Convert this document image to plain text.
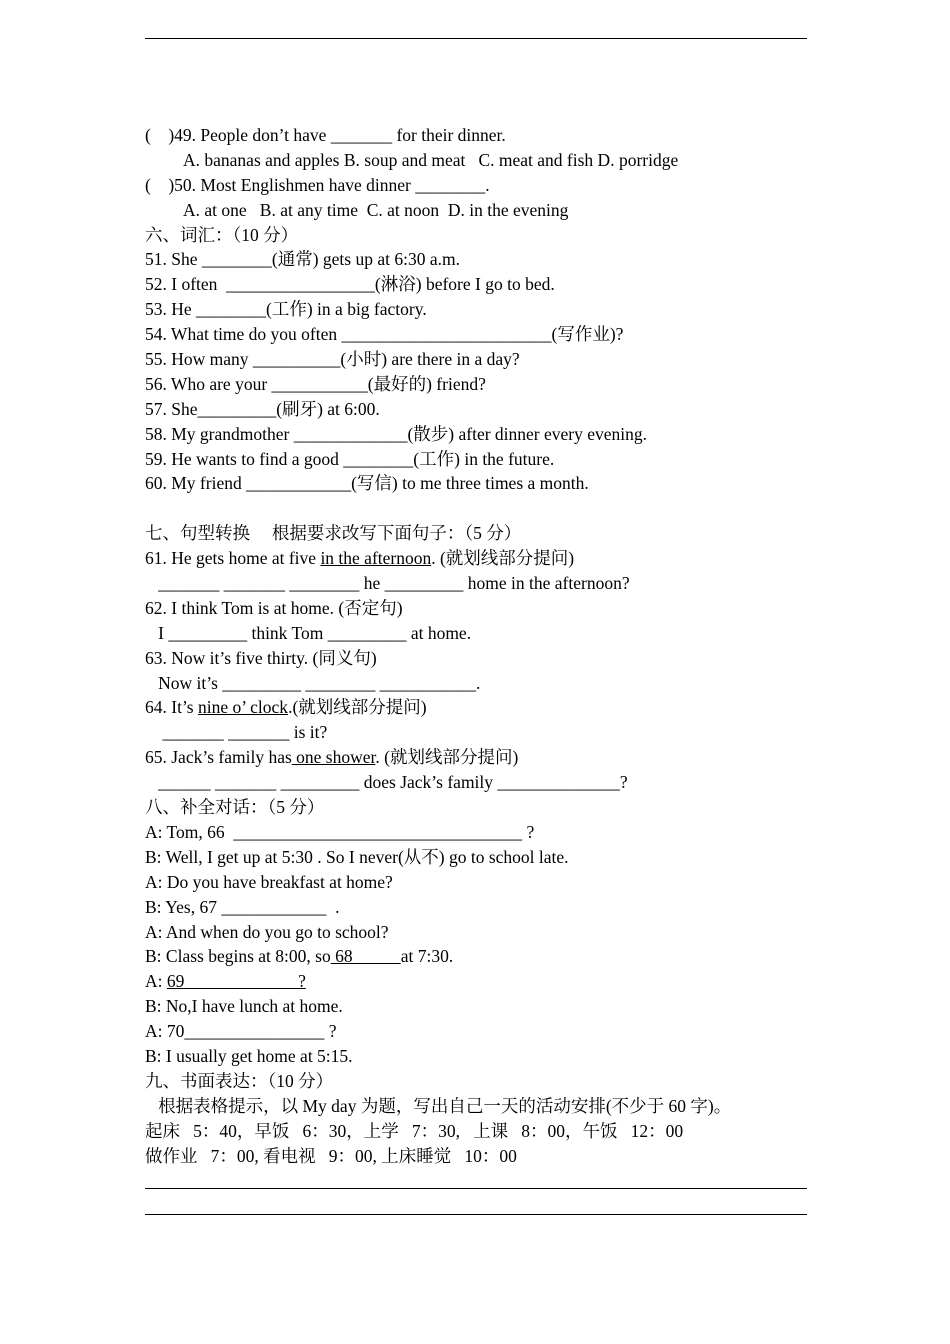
(    )49. People don’t have _______ for their dinner.
A. bananas and apples B. soup and meat   C. meat and fish D. porridge
(    )50. Most Englishmen have dinner ________.
A. at one   B. at any time  C. at noon  D. in the evening
六、词汇：（10 分）
51. She ________(通常) gets up at 6:30 a.m.
52. I often  _________________(淋浴) before I go to bed.
53. He ________(工作) in a big factory.
54. What time do you often ________________________(写作业)?
55. How many __________(小时) are there in a day?
56. Who are your ___________(最好的) friend?
57. She_________(刷牙) at 6:00.
58. My grandmother _____________(散步) after dinner every evening.
59. He wants to find a good ________(工作) in the future.
60. My friend ____________(写信) to me three times a month.
七、句型转换     根据要求改写下面句子：（5 分）
61. He gets home at five in the afternoon. (就划线部分提问)
_______ _______ ________ he _________ home in the afternoon?
62. I think Tom is at home. (否定句)
I _________ think Tom _________ at home.
63. Now it’s five thirty. (同义句)
Now it’s _________ ________ ___________.
64. It’s nine o’ clock.(就划线部分提问)
_______ _______ is it?
65. Jack’s family has one shower. (就划线部分提问)
______ _______ _________ does Jack’s family ______________?
八、补全对话：（5 分）
A: Tom, 66  _________________________________ ?
B: Well, I get up at 5:30 . So I never(从不) go to school late.
A: Do you have breakfast at home?
B: Yes, 67 ____________  .
A: And when do you go to school?
B: Class begins at 8:00, so 68           at 7:30.
A: 69                          ?
B: No,I have lunch at home.
A: 70________________ ?
B: I usually get home at 5:15.
九、书面表达：（10 分）
根据表格提示，以 My day 为题，写出自己一天的活动安排(不少于 60 字)。
起床   5：40，早饭   6：30，上学   7：30,   上课   8：00，午饭   12：00
做作业   7：00, 看电视   9：00, 上床睡觉   10：00
